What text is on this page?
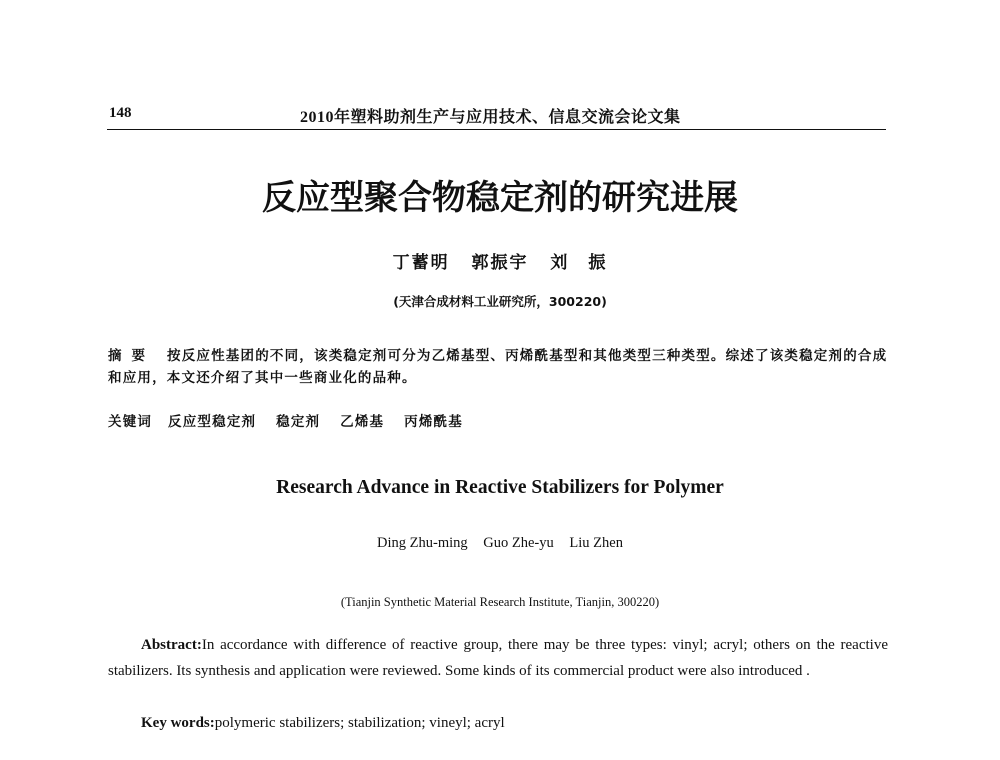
148	2010年塑料助剂生产与应用技术、信息交流会论文集
反应型聚合物稳定剂的研究进展
丁蓄明 郭振宇 刘　振
(天津合成材料工业研究所，300220)
摘要 按反应性基团的不同，该类稳定剂可分为乙烯基型、丙烯酰基型和其他类型三种类型。综述了该类稳定剂的合成和应用，本文还介绍了其中一些商业化的品种。
关键词 反应型稳定剂 稳定剂 乙烯基 丙烯酰基
Research Advance in Reactive Stabilizers for Polymer
Ding Zhu-ming Guo Zhe-yu Liu Zhen
(Tianjin Synthetic Material Research Institute, Tianjin, 300220)
Abstract:In accordance with difference of reactive group, there may be three types: vinyl; acryl; others on the reactive stabilizers. Its synthesis and application were reviewed. Some kinds of its commercial product were also introduced .
Key words:polymeric stabilizers; stabilization; vineyl; acryl
